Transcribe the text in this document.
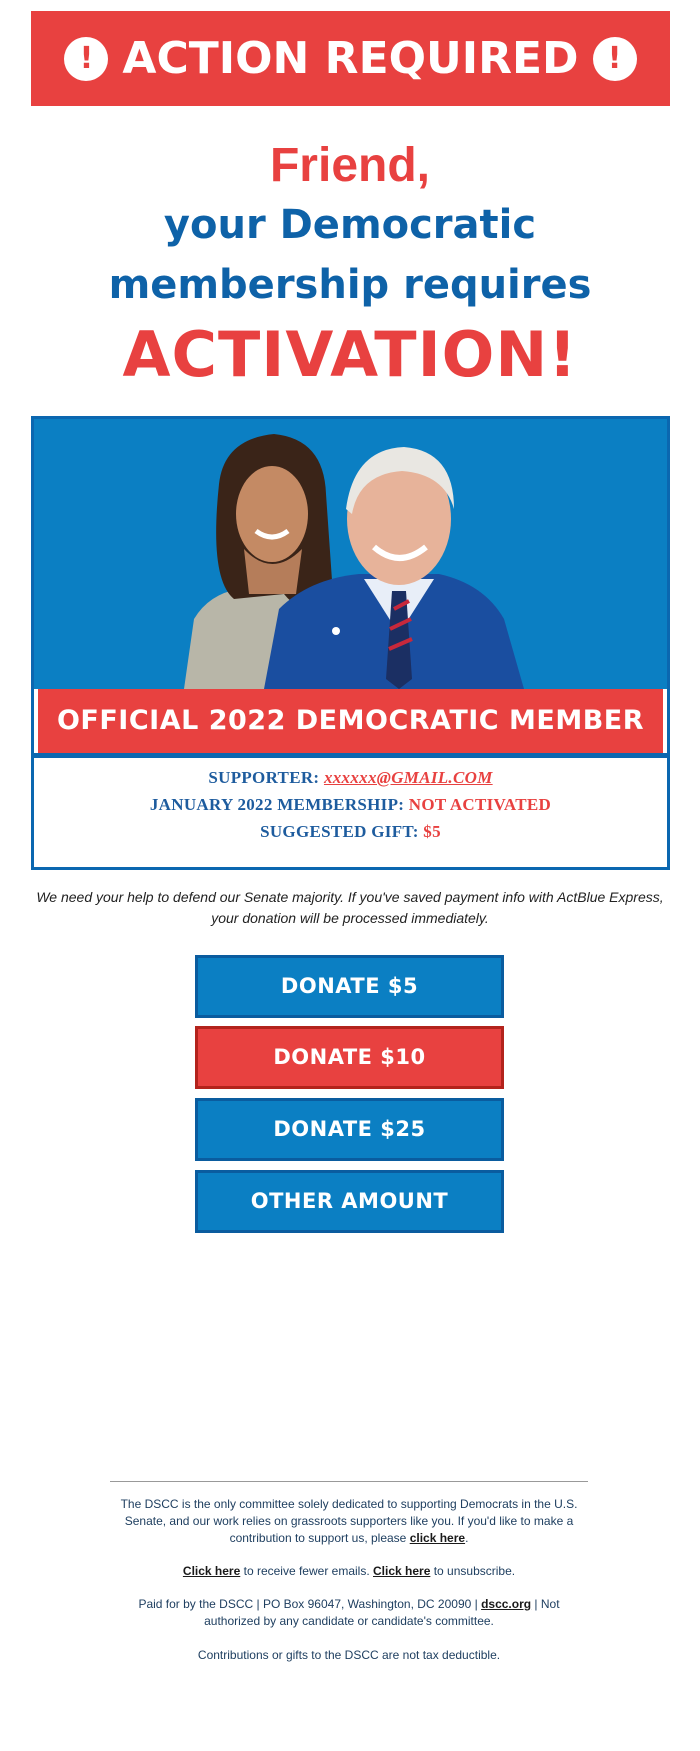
! ACTION REQUIRED !
Friend,
your Democratic
membership requires
ACTIVATION!
OFFICIAL 2022 DEMOCRATIC MEMBER
SUPPORTER: xxxxxx@GMAIL.COM
JANUARY 2022 MEMBERSHIP: NOT ACTIVATED
SUGGESTED GIFT: $5
We need your help to defend our Senate majority. If you've saved payment info with ActBlue Express,
your donation will be processed immediately.
DONATE $5
DONATE $10
DONATE $25
OTHER AMOUNT
The DSCC is the only committee solely dedicated to supporting Democrats in the U.S.
Senate, and our work relies on grassroots supporters like you. If you'd like to make a
contribution to support us, please click here.
Click here to receive fewer emails. Click here to unsubscribe.
Paid for by the DSCC | PO Box 96047, Washington, DC 20090 | dscc.org | Not
authorized by any candidate or candidate's committee.
Contributions or gifts to the DSCC are not tax deductible.
